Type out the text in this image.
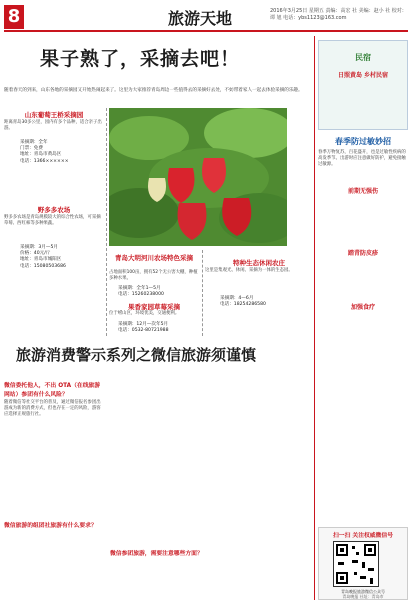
8	旅游天地	2016年3月25日 星期五 责编：高宏 社 美编：赵小 社 校对：谭 旭 电话：ybs1123@163.com
果子熟了，采摘去吧！
随着春天的到来，山东各地的采摘园又开始热闹起来了。这里为大家推荐青岛周边一些值得去的采摘好去处，不妨带着家人一起去体验采摘的乐趣。
山东葡萄王桥采摘园
距离青岛30多公里，园内有多个品种，适合亲子出游。
采摘期：全年
门票：免费
地址：青岛市黄岛区
电话：1366××××××
野多多农场
野多多农场是青岛规模较大的综合性农场，可采摘草莓、西红柿等多种果蔬。
采摘期：3月—5月
价格：40元/斤
地址：青岛市城阳区
电话：15080503686
青岛大明河川农场特色采摘
占地面积100亩，拥有52个无公害大棚，种植多种水果。
采摘期：全年1—5月
电话：15260238000
果香家园草莓采摘
位于崂山区，环境优美，交通便利。
采摘期：12月—次年5月
电话：0532-80721988
特种生态休闲农庄
这里是集观光、休闲、采摘为一体的生态园。
采摘期：4—6月
电话：18254286580
民宿
日照黄岛 乡村民宿
春季防过敏妙招
春季万物复苏，百花盛开，也是过敏性疾病的高发季节。出游时应注意做好防护，避免接触过敏源。
前期无强伤
踏青防皮疹
加强食疗
旅游消费警示系列之微信旅游须谨慎
微信委托他人，不出 OTA（在线旅游网站）参团有什么风险？
随着微信等社交平台的普及，通过微信报名参团出游成为新的消费方式，但也存在一定的风险，游客应选择正规旅行社。
微信旅游的组团社旅游有什么要求？
微信参团旅游，需要注意哪些方面？
扫一扫 关注权威微信号
青岛晚报旅游微信公众号
青岛晚报 社址：青岛市
